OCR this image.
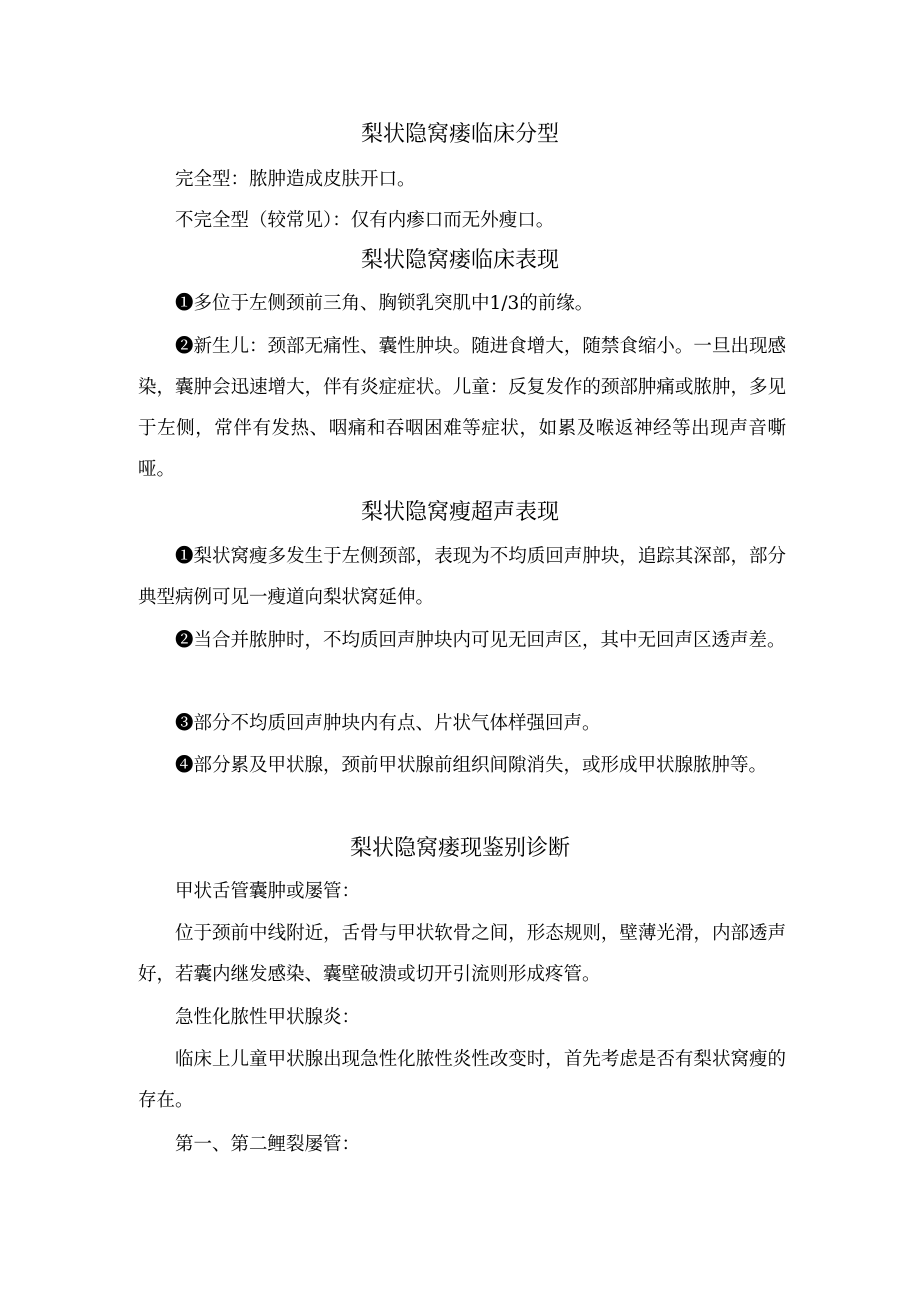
梨状隐窝瘘临床分型

完全型：脓肿造成皮肤开口。

不完全型（较常见）：仅有内瘆口而无外瘦口。

梨状隐窝瘘临床表现

❶多位于左侧颈前三角、胸锁乳突肌中1/3的前缘。

❷新生儿：颈部无痛性、囊性肿块。随进食增大，随禁食缩小。一旦出现感染，囊肿会迅速增大，伴有炎症症状。儿童：反复发作的颈部肿痛或脓肿，多见于左侧，常伴有发热、咽痛和吞咽困难等症状，如累及喉返神经等出现声音嘶哑。

梨状隐窝瘦超声表现

❶梨状窝瘦多发生于左侧颈部，表现为不均质回声肿块，追踪其深部，部分典型病例可见一瘦道向梨状窝延伸。

❷当合并脓肿时，不均质回声肿块内可见无回声区，其中无回声区透声差。

❸部分不均质回声肿块内有点、片状气体样强回声。

❹部分累及甲状腺，颈前甲状腺前组织间隙消失，或形成甲状腺脓肿等。

梨状隐窝瘘现鉴别诊断

甲状舌管囊肿或屡管：

位于颈前中线附近，舌骨与甲状软骨之间，形态规则，壁薄光滑，内部透声好，若囊内继发感染、囊壁破溃或切开引流则形成疼管。

急性化脓性甲状腺炎：

临床上儿童甲状腺出现急性化脓性炎性改变时，首先考虑是否有梨状窝瘦的存在。

第一、第二鲤裂屡管：
